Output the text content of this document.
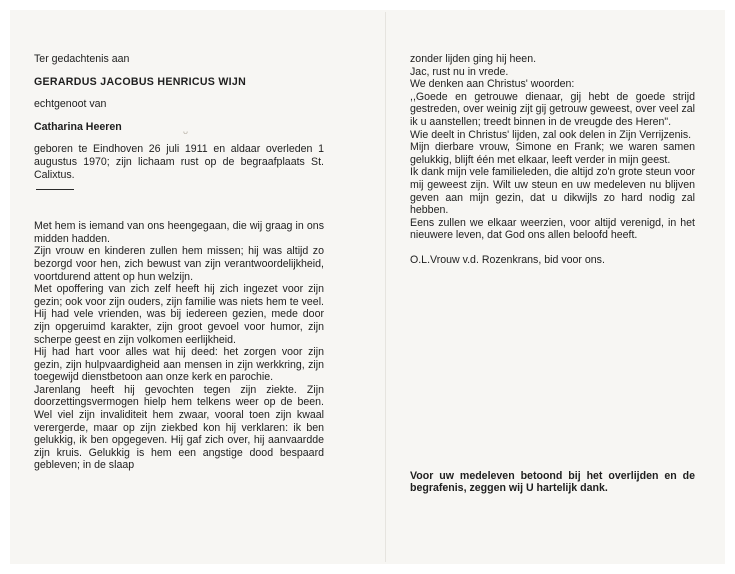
Ter gedachtenis aan

GERARDUS JACOBUS HENRICUS WIJN

echtgenoot van

Catharina Heeren

geboren te Eindhoven 26 juli 1911 en aldaar overleden 1 augustus 1970; zijn lichaam rust op de begraafplaats St. Calixtus.

Met hem is iemand van ons heengegaan, die wij graag in ons midden hadden.

Zijn vrouw en kinderen zullen hem missen; hij was altijd zo bezorgd voor hen, zich bewust van zijn verantwoordelijkheid, voortdurend attent op hun welzijn.

Met opoffering van zich zelf heeft hij zich ingezet voor zijn gezin; ook voor zijn ouders, zijn familie was niets hem te veel. Hij had vele vrienden, was bij iedereen gezien, mede door zijn opgeruimd karakter, zijn groot gevoel voor humor, zijn scherpe geest en zijn volkomen eerlijkheid.

Hij had hart voor alles wat hij deed: het zorgen voor zijn gezin, zijn hulpvaardigheid aan mensen in zijn werkkring, zijn toegewijd dienstbetoon aan onze kerk en parochie.

Jarenlang heeft hij gevochten tegen zijn ziekte. Zijn doorzettingsvermogen hielp hem telkens weer op de been. Wel viel zijn invaliditeit hem zwaar, vooral toen zijn kwaal verergerde, maar op zijn ziekbed kon hij verklaren: ik ben gelukkig, ik ben opgegeven. Hij gaf zich over, hij aanvaardde zijn kruis. Gelukkig is hem een angstige dood bespaard gebleven; in de slaap

ᴗ

zonder lijden ging hij heen.

Jac, rust nu in vrede.

We denken aan Christus' woorden:

,,Goede en getrouwe dienaar, gij hebt de goede strijd gestreden, over weinig zijt gij getrouw geweest, over veel zal ik u aanstellen; treedt binnen in de vreugde des Heren".

Wie deelt in Christus' lijden, zal ook delen in Zijn Verrijzenis.

Mijn dierbare vrouw, Simone en Frank; we waren samen gelukkig, blijft één met elkaar, leeft verder in mijn geest.

Ik dank mijn vele familieleden, die altijd zo'n grote steun voor mij geweest zijn. Wilt uw steun en uw medeleven nu blijven geven aan mijn gezin, dat u dikwijls zo hard nodig zal hebben.

Eens zullen we elkaar weerzien, voor altijd verenigd, in het nieuwere leven, dat God ons allen beloofd heeft.

O.L.Vrouw v.d. Rozenkrans, bid voor ons.

Voor uw medeleven betoond bij het overlijden en de begrafenis, zeggen wij U hartelijk dank.
